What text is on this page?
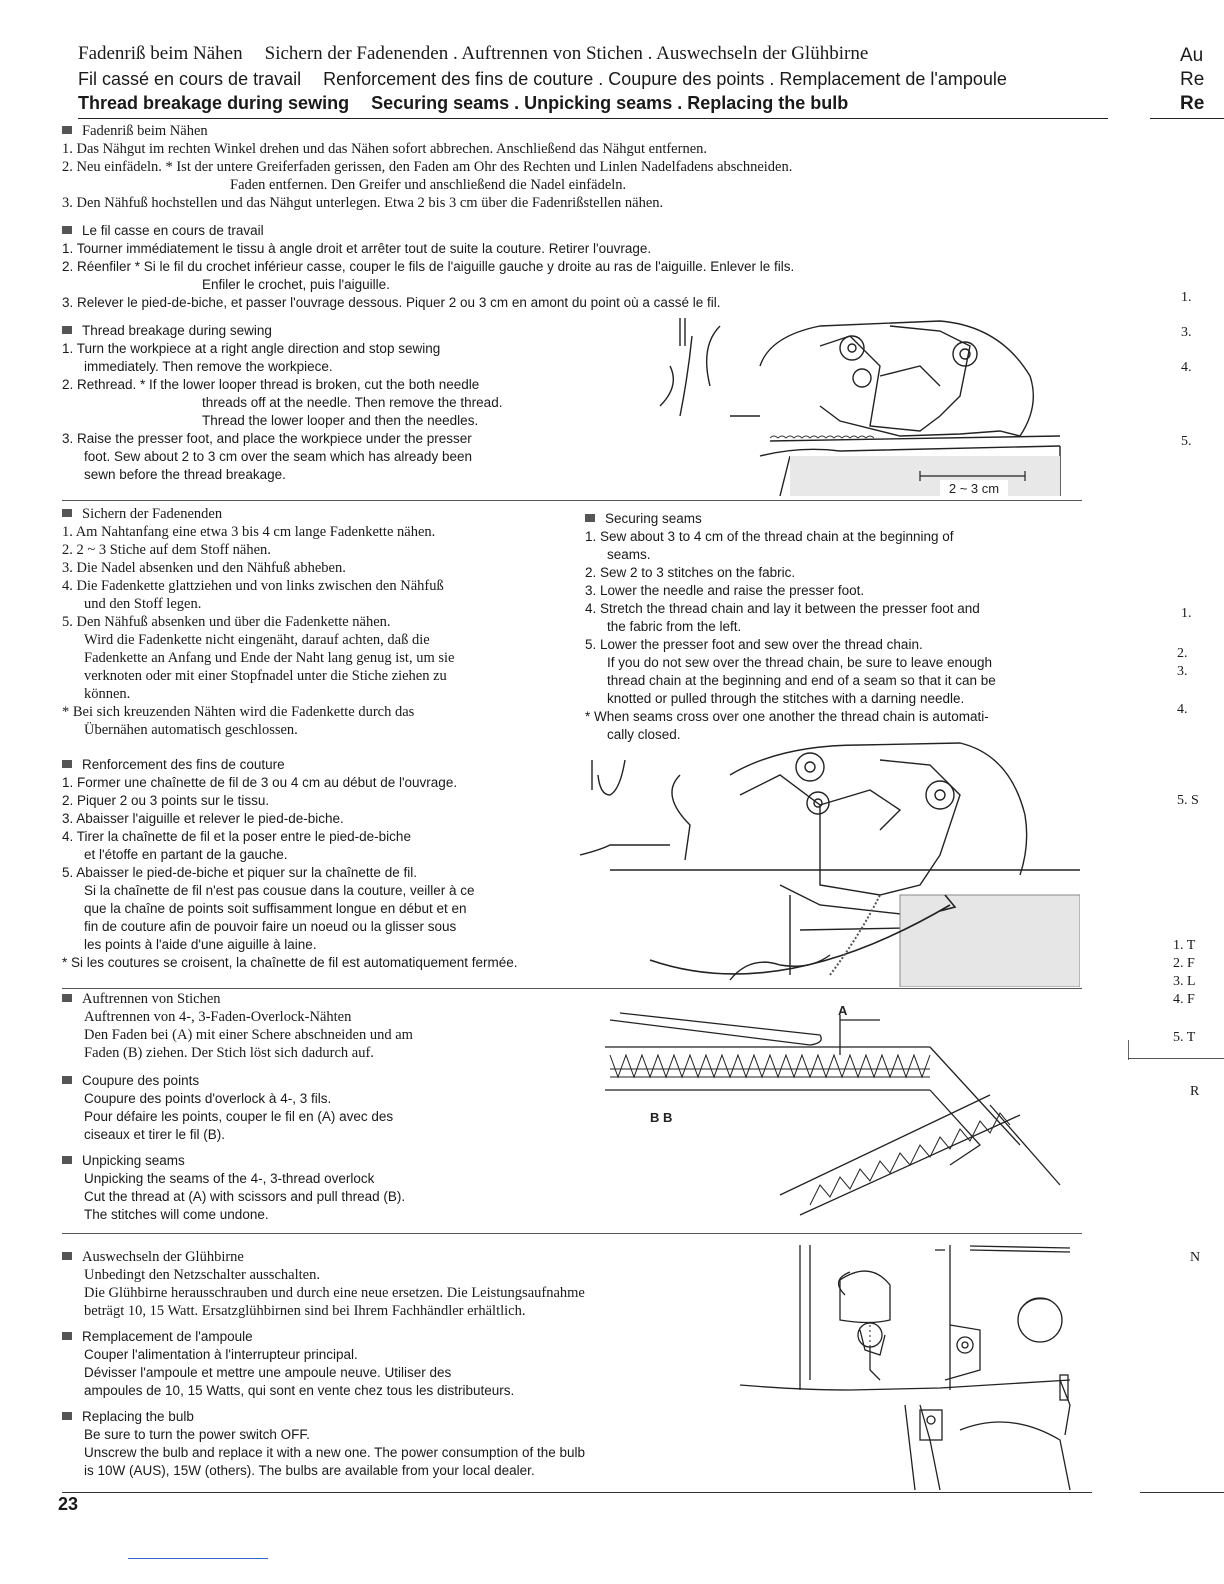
Fadenriß beim Nähen Sichern der Fadenenden . Auftrennen von Stichen . Auswechseln der Glühbirne
Fil cassé en cours de travail Renforcement des fins de couture . Coupure des points . Remplacement de l'ampoule
Thread breakage during sewing Securing seams . Unpicking seams . Replacing the bulb
Au
Re
Re
Fadenriß beim Nähen
1. Das Nähgut im rechten Winkel drehen und das Nähen sofort abbrechen. Anschließend das Nähgut entfernen.
2. Neu einfädeln. * Ist der untere Greiferfaden gerissen, den Faden am Ohr des Rechten und Linlen Nadelfadens abschneiden.
Faden entfernen. Den Greifer und anschließend die Nadel einfädeln.
3. Den Nähfuß hochstellen und das Nähgut unterlegen. Etwa 2 bis 3 cm über die Fadenrißstellen nähen.
Le fil casse en cours de travail
1. Tourner immédiatement le tissu à angle droit et arrêter tout de suite la couture. Retirer l'ouvrage.
2. Réenfiler * Si le fil du crochet inférieur casse, couper le fils de l'aiguille gauche y droite au ras de l'aiguille. Enlever le fils.
Enfiler le crochet, puis l'aiguille.
3. Relever le pied-de-biche, et passer l'ouvrage dessous. Piquer 2 ou 3 cm en amont du point où a cassé le fil.
Thread breakage during sewing
1. Turn the workpiece at a right angle direction and stop sewing
immediately. Then remove the workpiece.
2. Rethread. * If the lower looper thread is broken, cut the both needle
threads off at the needle. Then remove the thread.
Thread the lower looper and then the needles.
3. Raise the presser foot, and place the workpiece under the presser
foot. Sew about 2 to 3 cm over the seam which has already been
sewn before the thread breakage.
2 ~ 3 cm
Sichern der Fadenenden
1. Am Nahtanfang eine etwa 3 bis 4 cm lange Fadenkette nähen.
2. 2 ~ 3 Stiche auf dem Stoff nähen.
3. Die Nadel absenken und den Nähfuß abheben.
4. Die Fadenkette glattziehen und von links zwischen den Nähfuß
und den Stoff legen.
5. Den Nähfuß absenken und über die Fadenkette nähen.
Wird die Fadenkette nicht eingenäht, darauf achten, daß die
Fadenkette an Anfang und Ende der Naht lang genug ist, um sie
verknoten oder mit einer Stopfnadel unter die Stiche ziehen zu
können.
* Bei sich kreuzenden Nähten wird die Fadenkette durch das
Übernähen automatisch geschlossen.
Securing seams
1. Sew about 3 to 4 cm of the thread chain at the beginning of
seams.
2. Sew 2 to 3 stitches on the fabric.
3. Lower the needle and raise the presser foot.
4. Stretch the thread chain and lay it between the presser foot and
the fabric from the left.
5. Lower the presser foot and sew over the thread chain.
If you do not sew over the thread chain, be sure to leave enough
thread chain at the beginning and end of a seam so that it can be
knotted or pulled through the stitches with a darning needle.
* When seams cross over one another the thread chain is automati-
cally closed.
Renforcement des fins de couture
1. Former une chaînette de fil de 3 ou 4 cm au début de l'ouvrage.
2. Piquer 2 ou 3 points sur le tissu.
3. Abaisser l'aiguille et relever le pied-de-biche.
4. Tirer la chaînette de fil et la poser entre le pied-de-biche
et l'étoffe en partant de la gauche.
5. Abaisser le pied-de-biche et piquer sur la chaînette de fil.
Si la chaînette de fil n'est pas cousue dans la couture, veiller à ce
que la chaîne de points soit suffisamment longue en début et en
fin de couture afin de pouvoir faire un noeud ou la glisser sous
les points à l'aide d'une aiguille à laine.
* Si les coutures se croisent, la chaînette de fil est automatiquement fermée.
Auftrennen von Stichen
Auftrennen von 4-, 3-Faden-Overlock-Nähten
Den Faden bei (A) mit einer Schere abschneiden und am
Faden (B) ziehen. Der Stich löst sich dadurch auf.
Coupure des points
Coupure des points d'overlock à 4-, 3 fils.
Pour défaire les points, couper le fil en (A) avec des
ciseaux et tirer le fil (B).
Unpicking seams
Unpicking the seams of the 4-, 3-thread overlock
Cut the thread at (A) with scissors and pull thread (B).
The stitches will come undone.
A
B B
Auswechseln der Glühbirne
Unbedingt den Netzschalter ausschalten.
Die Glühbirne herausschrauben und durch eine neue ersetzen. Die Leistungsaufnahme
beträgt 10, 15 Watt. Ersatzglühbirnen sind bei Ihrem Fachhändler erhältlich.
Remplacement de l'ampoule
Couper l'alimentation à l'interrupteur principal.
Dévisser l'ampoule et mettre une ampoule neuve. Utiliser des
ampoules de 10, 15 Watts, qui sont en vente chez tous les distributeurs.
Replacing the bulb
Be sure to turn the power switch OFF.
Unscrew the bulb and replace it with a new one. The power consumption of the bulb
is 10W (AUS), 15W (others). The bulbs are available from your local dealer.
23
1.
3.
4.
5.
1.
2.
3.
4.
5. S
1. T
2. F
3. L
4. F
5. T
R
N
